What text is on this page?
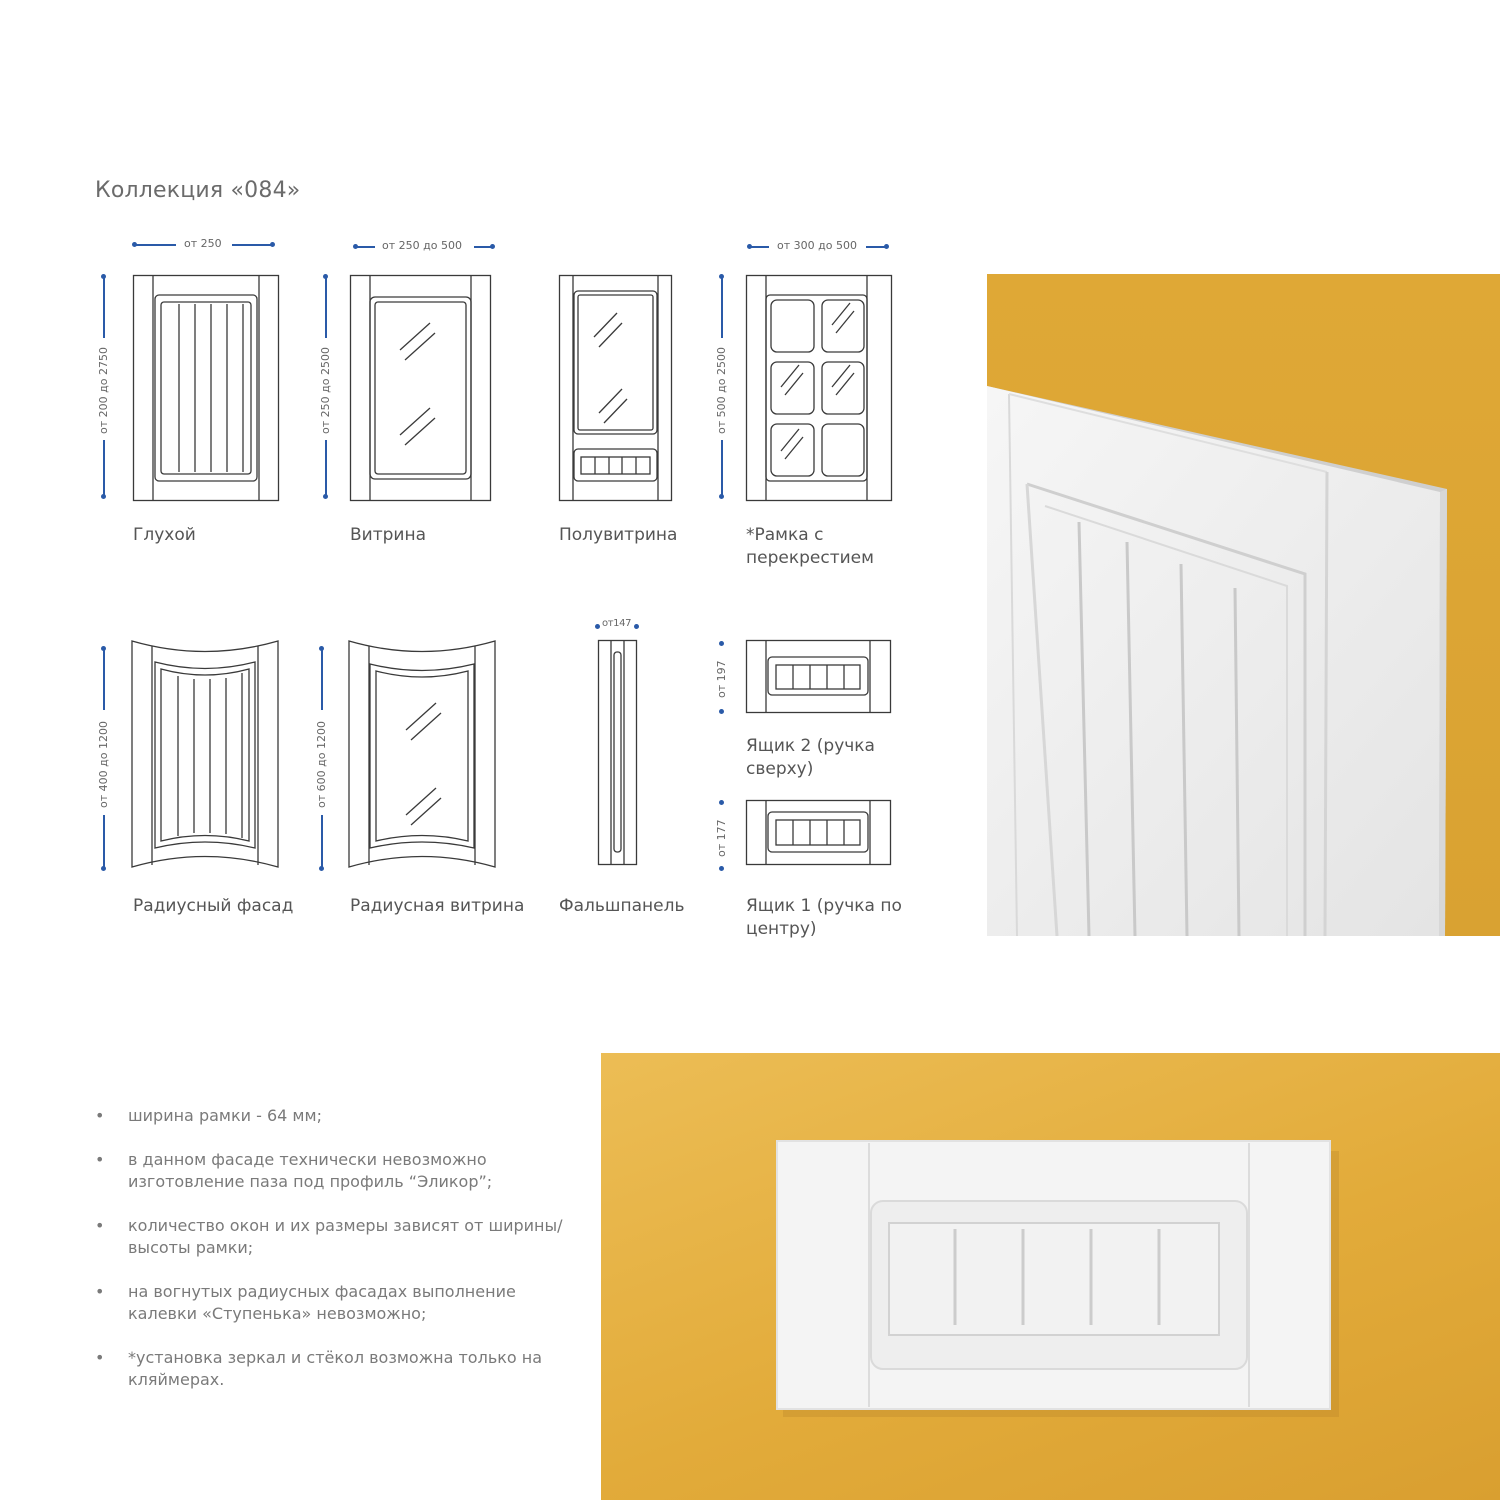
Коллекция «084»
от 250
от 200 до 2750
Глухой
от 250 до 500
от 250 до 2500
Витрина	Полувитрина
от 300 до 500
от 500 до 2500
*Рамка с перекрестием
от 400 до 1200
Радиусный фасад
от 600 до 1200
Радиусная витрина
от147
Фальшпанель
от 197
Ящик 2 (ручка сверху)
от 177
Ящик 1 (ручка по центру)
•	ширина рамки - 64 мм;
•	в данном фасаде технически невозможно изготовление паза под профиль “Эликор”;
•	количество окон и их размеры зависят от ширины/высоты рамки;
•	на вогнутых радиусных фасадах выполнение калевки «Ступенька» невозможно;
•	*установка зеркал и стёкол возможна только на кляймерах.
